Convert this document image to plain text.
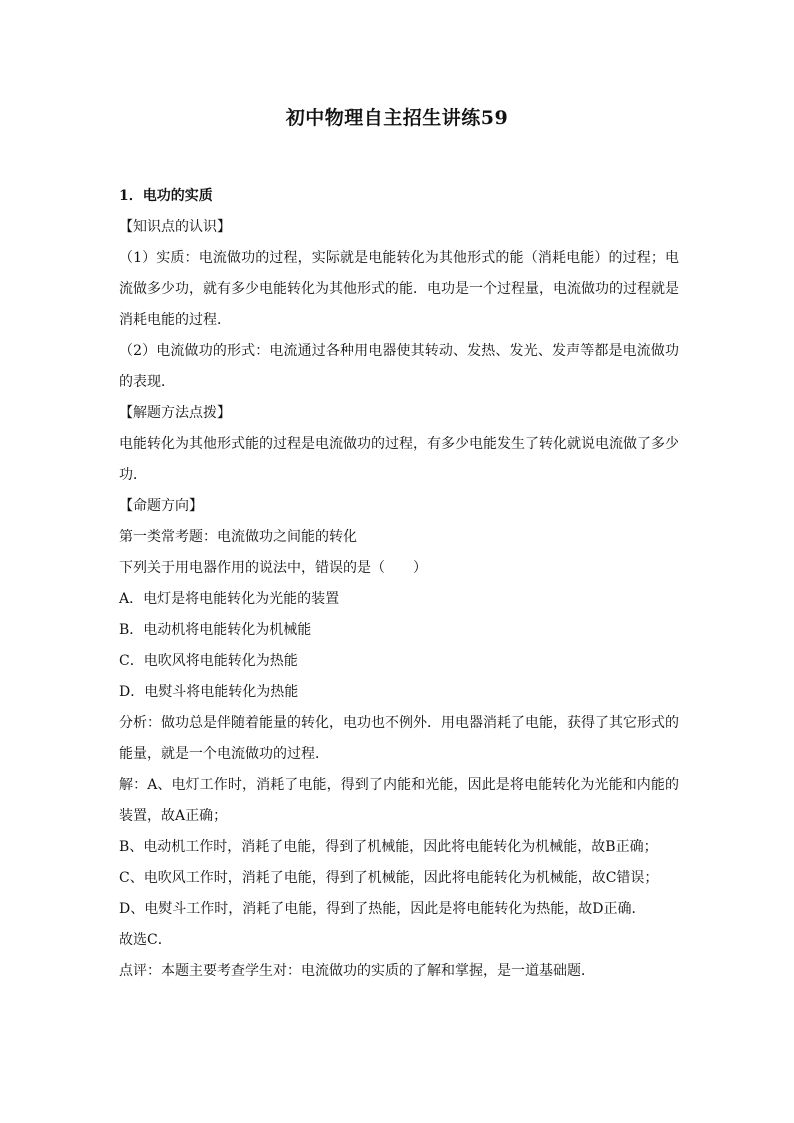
初中物理自主招生讲练59

1．电功的实质

【知识点的认识】

（1）实质：电流做功的过程，实际就是电能转化为其他形式的能（消耗电能）的过程；电流做多少功，就有多少电能转化为其他形式的能．电功是一个过程量，电流做功的过程就是消耗电能的过程．

（2）电流做功的形式：电流通过各种用电器使其转动、发热、发光、发声等都是电流做功的表现．

【解题方法点拨】

电能转化为其他形式能的过程是电流做功的过程，有多少电能发生了转化就说电流做了多少功．

【命题方向】

第一类常考题：电流做功之间能的转化

下列关于用电器作用的说法中，错误的是（　　）

A．电灯是将电能转化为光能的装置

B．电动机将电能转化为机械能

C．电吹风将电能转化为热能

D．电熨斗将电能转化为热能

分析：做功总是伴随着能量的转化，电功也不例外．用电器消耗了电能，获得了其它形式的能量，就是一个电流做功的过程．

解：A、电灯工作时，消耗了电能，得到了内能和光能，因此是将电能转化为光能和内能的装置，故A正确；

B、电动机工作时，消耗了电能，得到了机械能，因此将电能转化为机械能，故B正确；

C、电吹风工作时，消耗了电能，得到了机械能，因此将电能转化为机械能，故C错误；

D、电熨斗工作时，消耗了电能，得到了热能，因此是将电能转化为热能，故D正确．

故选C．

点评：本题主要考查学生对：电流做功的实质的了解和掌握，是一道基础题．
